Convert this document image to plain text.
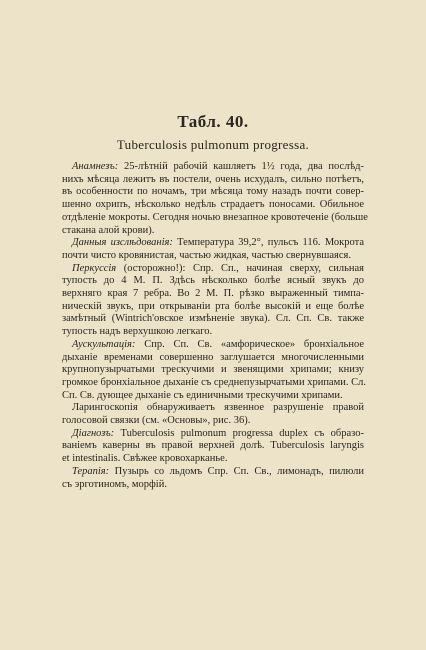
Табл. 40.
Tuberculosis pulmonum progressa.
Анамнезъ: 25-лѣтнiй рабочiй кашляетъ 1½ года, два послѣд-
нихъ мѣсяца лежитъ въ постели, очень исхудалъ, сильно потѣетъ,
въ особенности по ночамъ, три мѣсяца тому назадъ почти совер-
шенно охрипъ, нѣсколько недѣль страдаетъ поносами. Обильное
отдѣленiе мокроты. Сегодня ночью внезапное кровотеченiе (больше
стакана алой крови).
Данныя изслѣдованiя: Температура 39,2°, пульсъ 116. Мокрота
почти чисто кровянистая, частью жидкая, частью свернувшаяся.
Перкуссiя (осторожно!): Спр. Сп., начиная сверху, сильная
тупость до 4 М. П. Здѣсь нѣсколько болѣе ясный звукъ до
верхняго края 7 ребра. Во 2 М. П. рѣзко выраженный тимпа-
ническiй звукъ, при открыванiи рта болѣе высокiй и еще болѣе
замѣтный (Wintrich'овское измѣненiе звука). Сл. Сп. Св. также
тупость надъ верхушкою легкаго.
Аускультацiя: Спр. Сп. Св. «амфорическое» бронхiальное
дыханiе временами совершенно заглушается многочисленными
крупнопузырчатыми трескучими и звенящими хрипами; книзу
громкое бронхiальное дыханiе съ среднепузырчатыми хрипами. Сл.
Сп. Св. дующее дыханiе съ единичными трескучими хрипами.
Ларингоскопiя обнаруживаетъ язвенное разрушенiе правой
голосовой связки (см. «Основы», рис. 36).
Дiагнозъ: Tuberculosis pulmonum progressa duplex съ образо-
ванiемъ каверны въ правой верхней долѣ. Tuberculosis laryngis
et intestinalis. Свѣжее кровохарканье.
Терапiя: Пузырь со льдомъ Спр. Сп. Св., лимонадъ, пилюли
съ эрготиномъ, морфiй.
